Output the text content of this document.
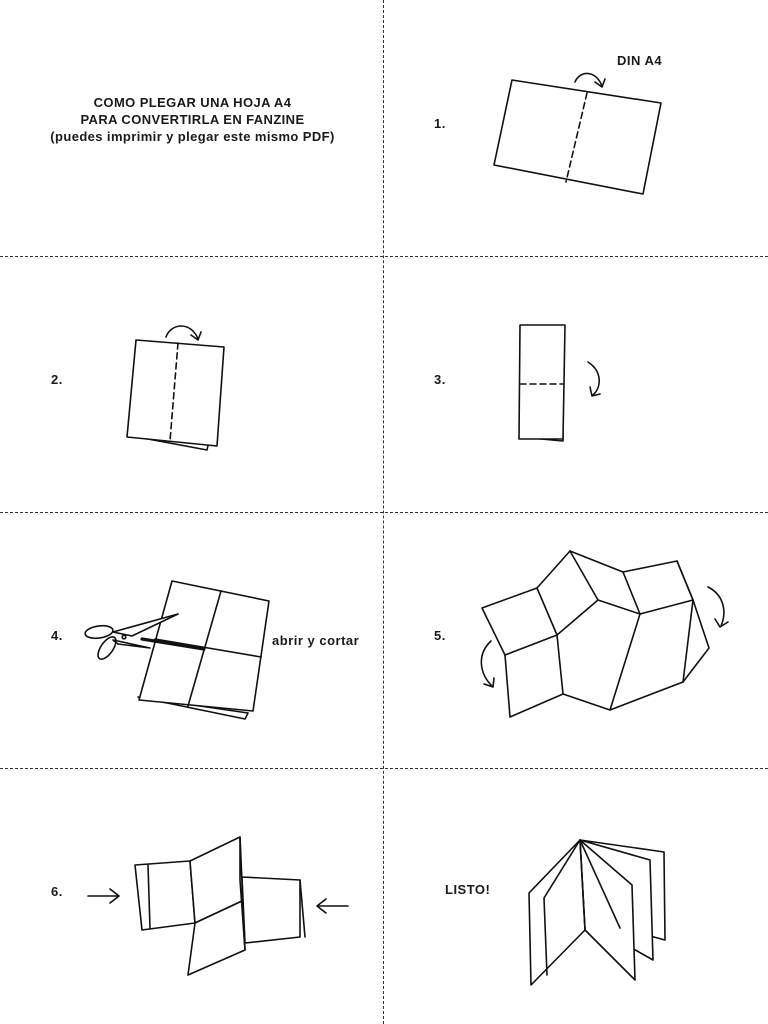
COMO PLEGAR UNA HOJA A4
PARA CONVERTIRLA EN FANZINE
(puedes imprimir y plegar este mismo PDF)
1.
DIN A4
2.	3.
4.	abrir y cortar	5.
6.	LISTO!
